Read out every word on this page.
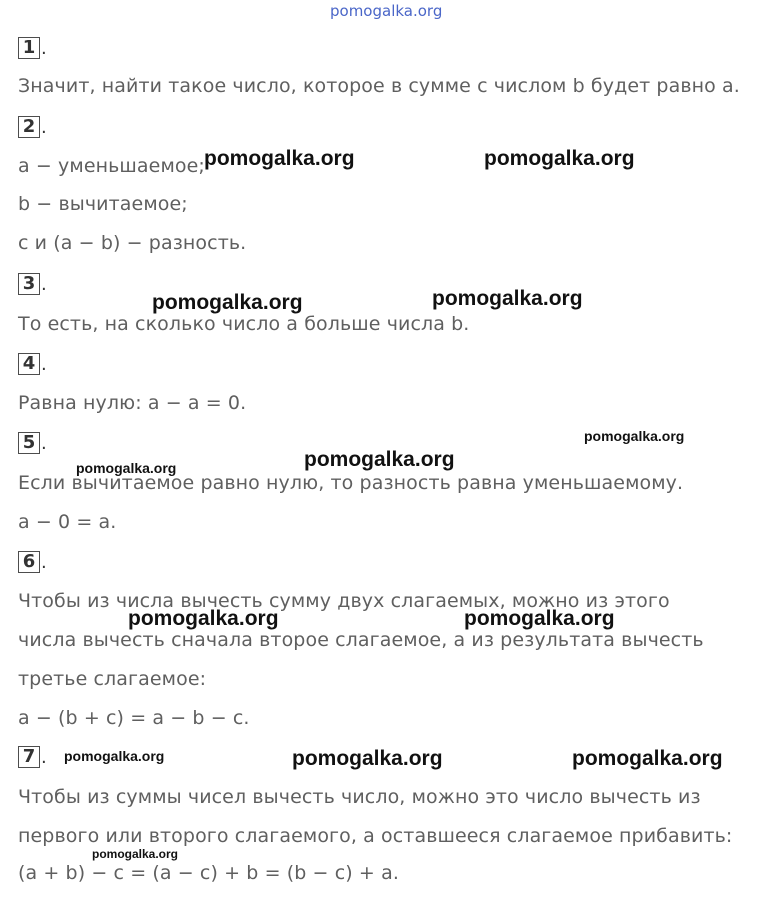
pomogalka.org
1 .
Значит, найти такое число, которое в сумме с числом b будет равно a.
2 .
a − уменьшаемое;
b − вычитаемое;
c и (a − b) − разность.
3 .
То есть, на сколько число a больше числа b.
4 .
Равна нулю: a − a = 0.
5 .
Если вычитаемое равно нулю, то разность равна уменьшаемому.
a − 0 = a.
6 .
Чтобы из числа вычесть сумму двух слагаемых, можно из этого
числа вычесть сначала второе слагаемое, а из результата вычесть
третье слагаемое:
a − (b + c) = a − b − c.
7 .
Чтобы из суммы чисел вычесть число, можно это число вычесть из
первого или второго слагаемого, а оставшееся слагаемое прибавить:
(a + b) − c = (a − c) + b = (b − c) + a.
pomogalka.org	pomogalka.org
pomogalka.org	pomogalka.org
pomogalka.org
pomogalka.org	pomogalka.org
pomogalka.org	pomogalka.org
pomogalka.org	pomogalka.org	pomogalka.org
pomogalka.org
